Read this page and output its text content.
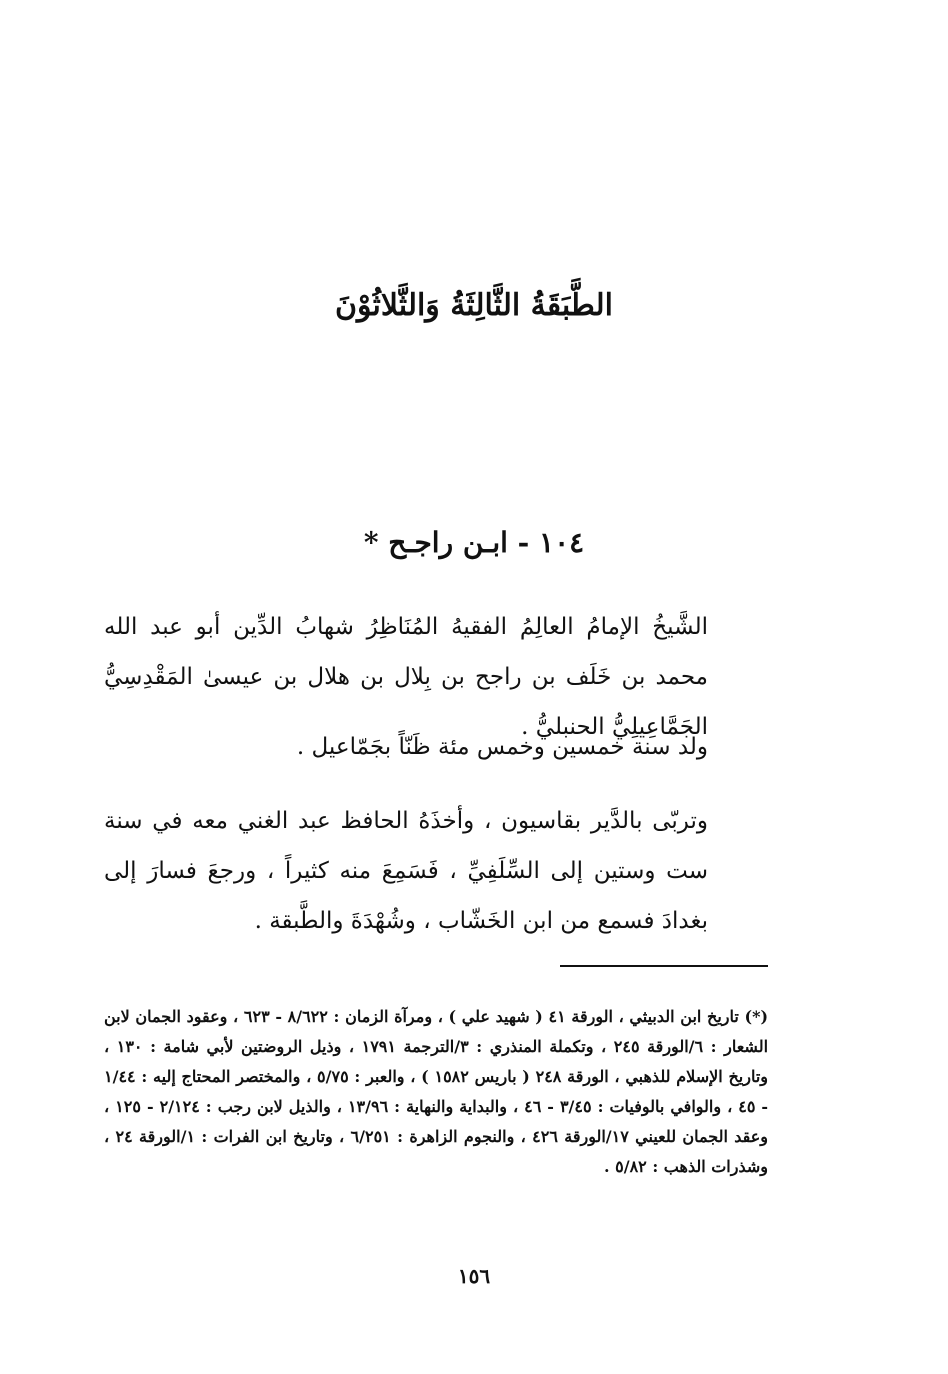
الطَّبَقَةُ الثَّالِثَةُ وَالثَّلاثُوْنَ
١٠٤ - ابـن راجـح *
الشَّيخُ الإمامُ العالِمُ الفقيهُ المُنَاظِرُ شهابُ الدِّين أبو عبد الله محمد بن خَلَف بن راجح بن بِلال بن هلال بن عيسىٰ المَقْدِسِيُّ الجَمَّاعِيلِيُّ الحنبليُّ .
ولد سنة خمسين وخمس مئة ظَنّاً بجَمّاعيل .
وتربّى بالدَّير بقاسيون ، وأخذَهُ الحافظ عبد الغني معه في سنة ست وستين إلى السِّلَفِيِّ ، فَسَمِعَ منه كثيراً ، ورجعَ فسارَ إلى بغدادَ فسمع من ابن الخَشّاب ، وشُهْدَةَ والطَّبقة .
(*) تاريخ ابن الدبيثي ، الورقة ٤١ ( شهيد علي ) ، ومرآة الزمان : ٨/٦٢٢ - ٦٢٣ ، وعقود الجمان لابن الشعار : ٦/الورقة ٢٤٥ ، وتكملة المنذري : ٣/الترجمة ١٧٩١ ، وذيل الروضتين لأبي شامة : ١٣٠ ، وتاريخ الإسلام للذهبي ، الورقة ٢٤٨ ( باريس ١٥٨٢ ) ، والعبر : ٥/٧٥ ، والمختصر المحتاج إليه : ١/٤٤ - ٤٥ ، والوافي بالوفيات : ٣/٤٥ - ٤٦ ، والبداية والنهاية : ١٣/٩٦ ، والذيل لابن رجب : ٢/١٢٤ - ١٢٥ ، وعقد الجمان للعيني ١٧/الورقة ٤٢٦ ، والنجوم الزاهرة : ٦/٢٥١ ، وتاريخ ابن الفرات : ١/الورقة ٢٤ ، وشذرات الذهب : ٥/٨٢ .
١٥٦
